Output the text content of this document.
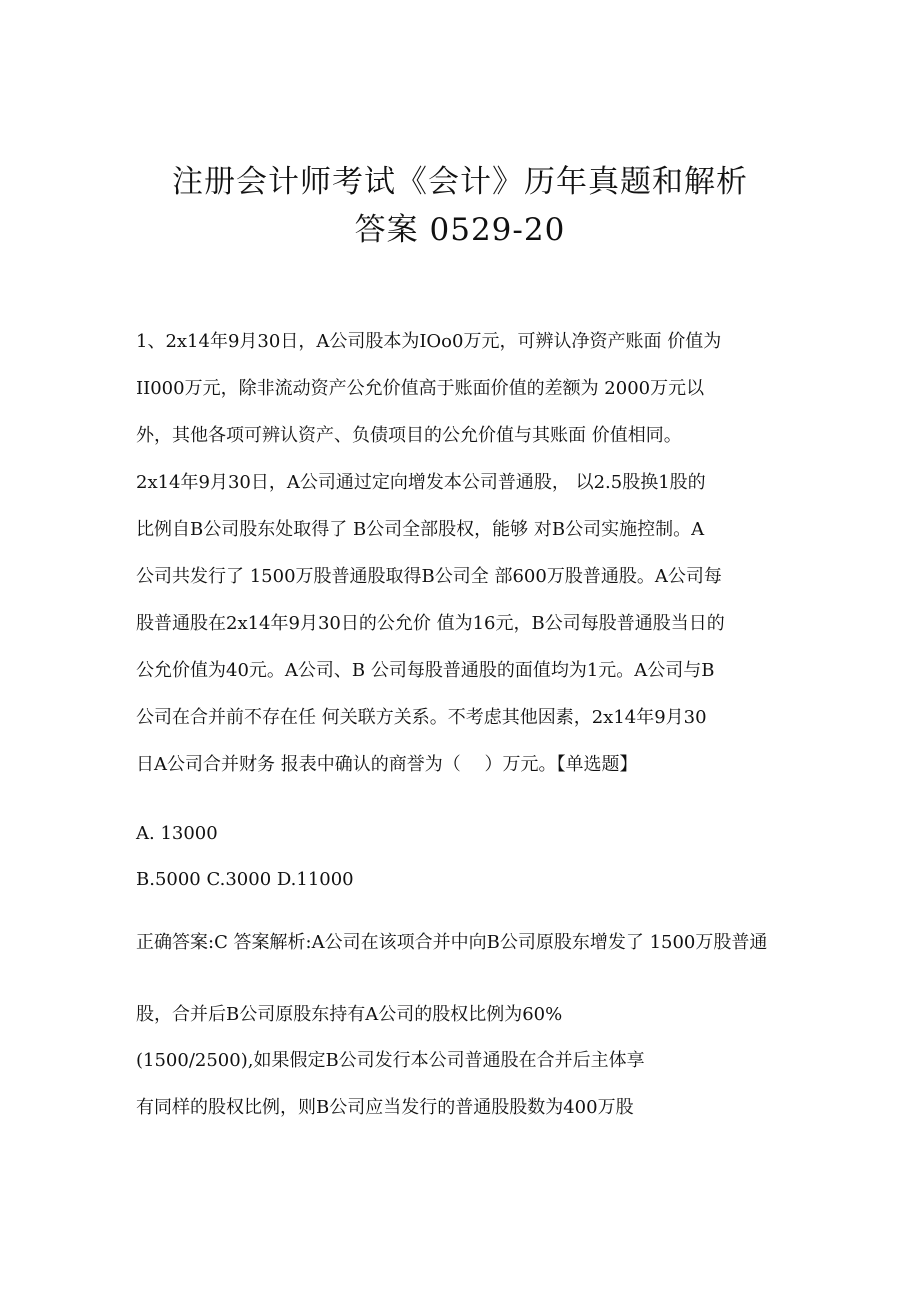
注册会计师考试《会计》历年真题和解析
答案 0529-20
1、2x14年9月30日，A公司股本为IOo0万元，可辨认净资产账面 价值为
II000万元，除非流动资产公允价值高于账面价值的差额为 2000万元以
外，其他各项可辨认资产、负债项目的公允价值与其账面 价值相同。
2x14年9月30日，A公司通过定向增发本公司普通股， 以2.5股换1股的
比例自B公司股东处取得了 B公司全部股权，能够 对B公司实施控制。A
公司共发行了 1500万股普通股取得B公司全 部600万股普通股。A公司每
股普通股在2x14年9月30日的公允价 值为16元，B公司每股普通股当日的
公允价值为40元。A公司、B 公司每股普通股的面值均为1元。A公司与B
公司在合并前不存在任 何关联方关系。不考虑其他因素，2x14年9月30
日A公司合并财务 报表中确认的商誉为（　 ）万元。【单选题】
A. 13000
B.5000 C.3000 D.11000
正确答案:C 答案解析:A公司在该项合并中向B公司原股东增发了 1500万股普通
股，合并后B公司原股东持有A公司的股权比例为60%
(1500/2500),如果假定B公司发行本公司普通股在合并后主体享
有同样的股权比例，则B公司应当发行的普通股股数为400万股
